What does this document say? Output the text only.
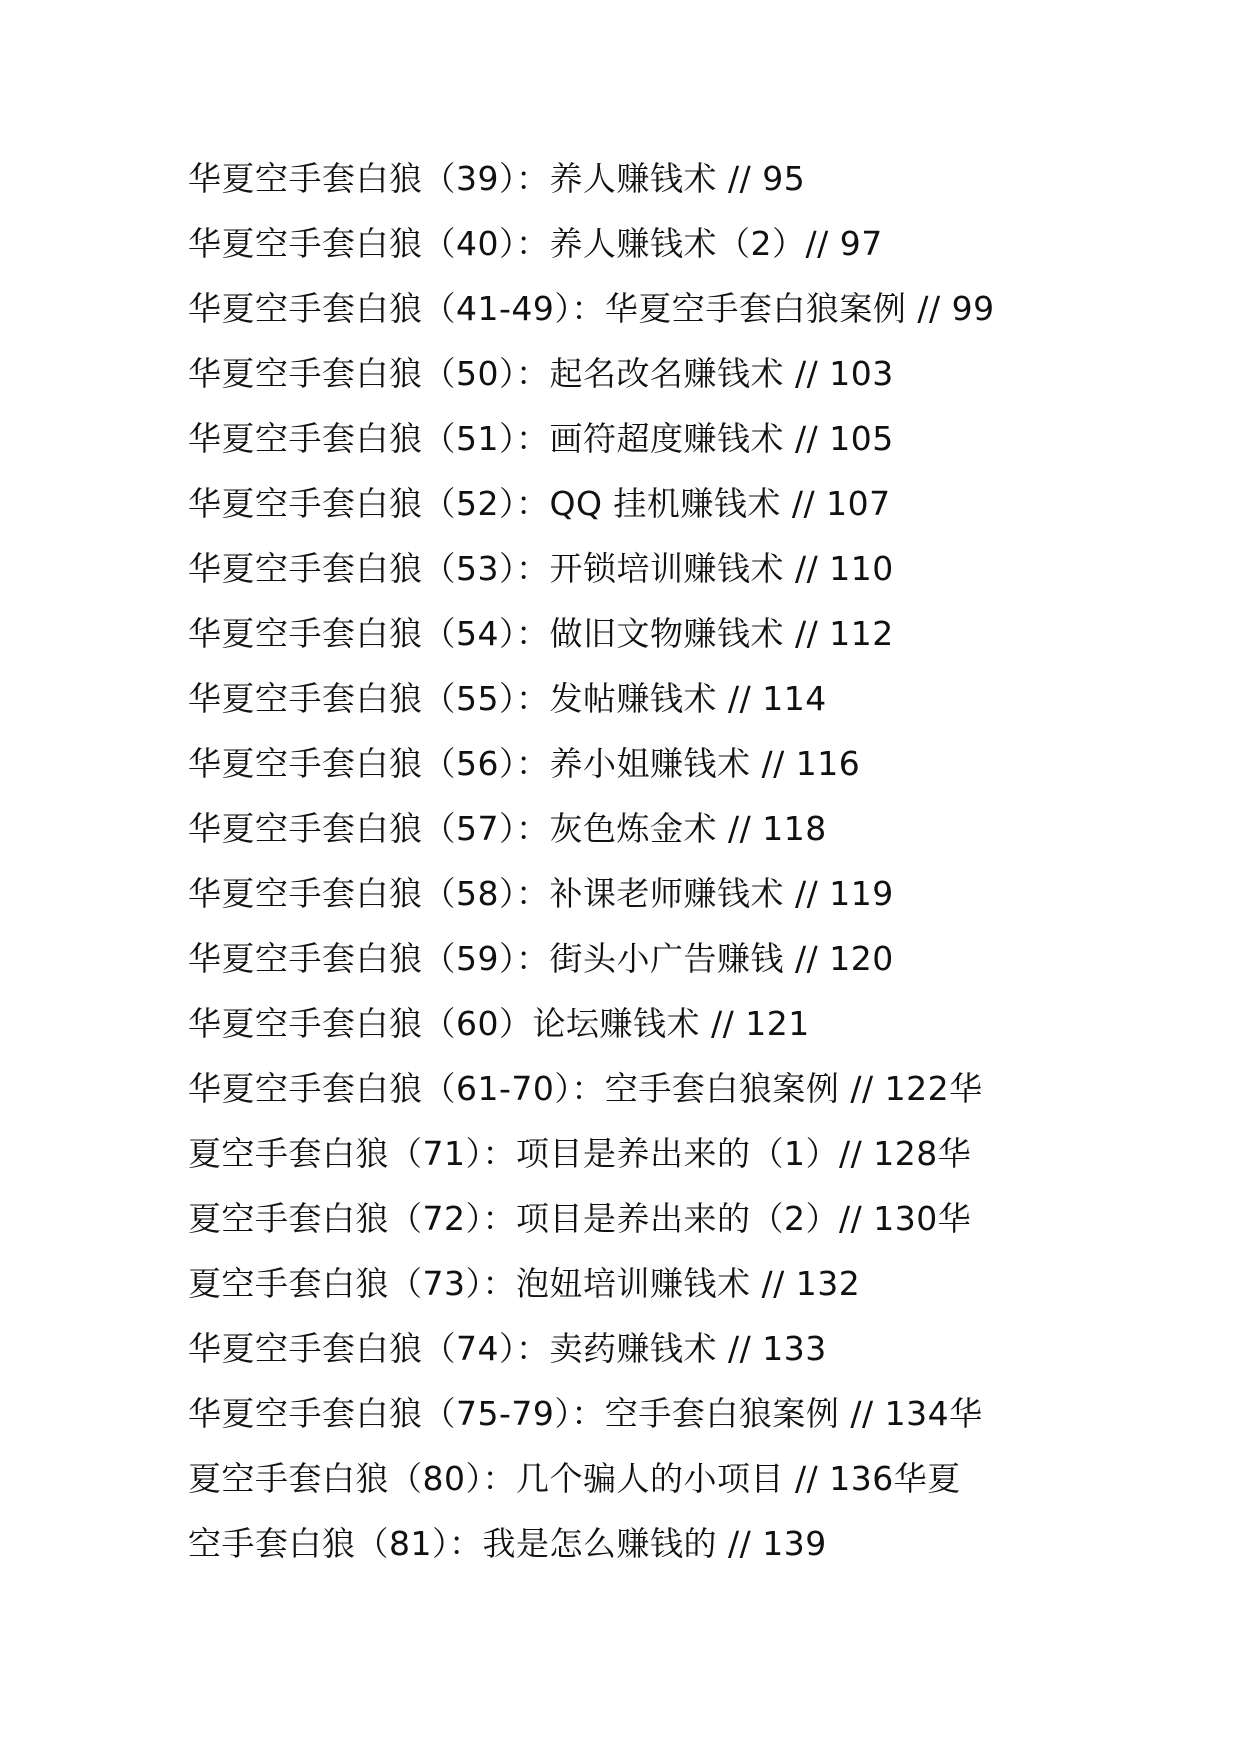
华夏空手套白狼（39）：养人赚钱术 // 95
华夏空手套白狼（40）：养人赚钱术（2）// 97
华夏空手套白狼（41-49）：华夏空手套白狼案例 // 99
华夏空手套白狼（50）：起名改名赚钱术 // 103
华夏空手套白狼（51）：画符超度赚钱术 // 105
华夏空手套白狼（52）：QQ 挂机赚钱术 // 107
华夏空手套白狼（53）：开锁培训赚钱术 // 110
华夏空手套白狼（54）：做旧文物赚钱术 // 112
华夏空手套白狼（55）：发帖赚钱术 // 114
华夏空手套白狼（56）：养小姐赚钱术 // 116
华夏空手套白狼（57）：灰色炼金术 // 118
华夏空手套白狼（58）：补课老师赚钱术 // 119
华夏空手套白狼（59）：街头小广告赚钱 // 120
华夏空手套白狼（60）论坛赚钱术 // 121
华夏空手套白狼（61-70）：空手套白狼案例 // 122华
夏空手套白狼（71）：项目是养出来的（1）// 128华
夏空手套白狼（72）：项目是养出来的（2）// 130华
夏空手套白狼（73）：泡妞培训赚钱术 // 132
华夏空手套白狼（74）：卖药赚钱术 // 133
华夏空手套白狼（75-79）：空手套白狼案例 // 134华
夏空手套白狼（80）：几个骗人的小项目 // 136华夏
空手套白狼（81）：我是怎么赚钱的 // 139
